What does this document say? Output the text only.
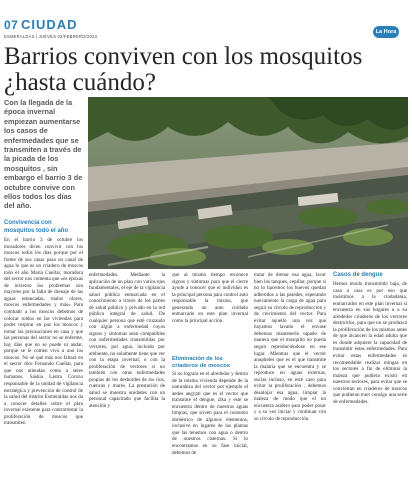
07 CIUDAD
ESMERALDAS | JUEVES 02/FEBRERO/2023
La Hora
Barrios conviven con los mosquitos ¿hasta cuándo?
Con la llegada de la época invernal empiezan aumentarse los casos de enfermedades que se transmiten a través de la picada de los mosquitos , sin embargo el barrio 3 de octubre convive con ellos todos los días del año.
Convivencia con mosquitos todo el año

En el barrio 3 de octubre los moradores dicen convivir con los moscos todos los días porque por el frente de sus casas pasa un canal de agua lo que es un criadero de moscos todo el año María Cuellar, moradora del sector nos comenta que «es époxas de invierno los problemas son mayores por la falta de drenaje de las aguas estancadas, malos olores, moscos enfermedades y más» Para combatir a los moscos debemos de colocar toldos en las viviendas para poder respirar en paz los moscos y tomar las precauciones en casa y que las personas del sector no se enferme, hay días que no se puede ni andar, porque se le comen vivo a uno los moscos. No sé qué más nos faltará en el sector dice Fernando Cuellar, para que nos atiendan como a seres humanos. Saskia Lastra Corozo responsable de la unidad de vigilancia estratégica y prevención de control de la salud del distrito Esmeraldas nos da a conocer detalles sobre el plan invernal existente para contrarrestar la proliferación de moscos que transmiten

enfermedades. Mediante la aplicación de un plan con varios ejes fundamentales, el eje de la vigilancia salud pública enmarcada en el conocimiento a través de los partes de salud público y privado en la red pública integral de salud. De cualquier persona que esté cruzando con algún a enfermedad cuyos signos y síntomas sean compatibles con enfermedades transmitidas por vectores, por agua, incluido por ambiente, no solamente tiene que ver con la etapa invernal, o con la proliferación de vectores si no también con otras enfermedades propias de los desbordes de los ríos, cuencas y mares. La prestación de salud se muestra unidades con un personal capacitado que facilita la atención y

que al mismo tiempo reconoce signos y síntomas para que el cierre ayude a conocer que el individuo es la principal persona para control auto responsable la misma, que generando un auto cuidado enmarcado en este plan invernal como la principal acción.

Eliminación de los criaderos de moscos

Si no lograra en el alrededor y dentro de la misma vivienda depende de la naturaleza del vector por ejemplo el aedes aegypti que es el vector que transmite el dengue, zika y este se encuentra dentro de nuestras aguas limpias, que sirven para el consumo doméstico de algunos elementos, inclusive en lugares de las plantas que las tenemos con agua o dentro de nuestros cisternas. Si lo encontramos en su fase inicial, debemos de

tratar de drenar esa agua, lavar bien los tanques, cepillar, porque si no lo hacemos los huevos quedan adheridos a las paredes, esperando nuevamente la carga de agua para seguir su círculo de reproducción y de crecimiento del vector. Para evitar aquello una vez que hayamos lavado el envase debemos mantenerlo tapado de manera que el mosquito no pueda seguir reproduciéndose en ese lugar. Mientras que el vector anopheles que es el que transmite la malaria que se encuentra y se reproduce en aguas externas, sucias incluso, en este caso para evitar la proliferación , debemos desalojar esa agua, limpiar la maleza de modo que el no encuentra asidero para poder posar y a su vez iniciar y continuar con su círculo de reproducción.

Casos de dengue

Hemos tenido transmitido baja, de casa a casa es por eso que insistimos a la ciudadanía, enmarcados en este plan invernal si encuentra en sus hogares o a su alrededor criaderos de los vectores destruirlos, para que no se produzca la proliferación de los mismos antes de que alcancen la edad adulta que es donde adquiere la capacidad de transmitir estas enfermedades. Para evitar estas enfermedades es recomendable realizar mingas en los sectores a fin de eliminar la maleza que pudiera existir en nuestros sectores, para evitar que se conviertan en criaderos de moscos que pudieran traer consigo una serie de enfermedades.
